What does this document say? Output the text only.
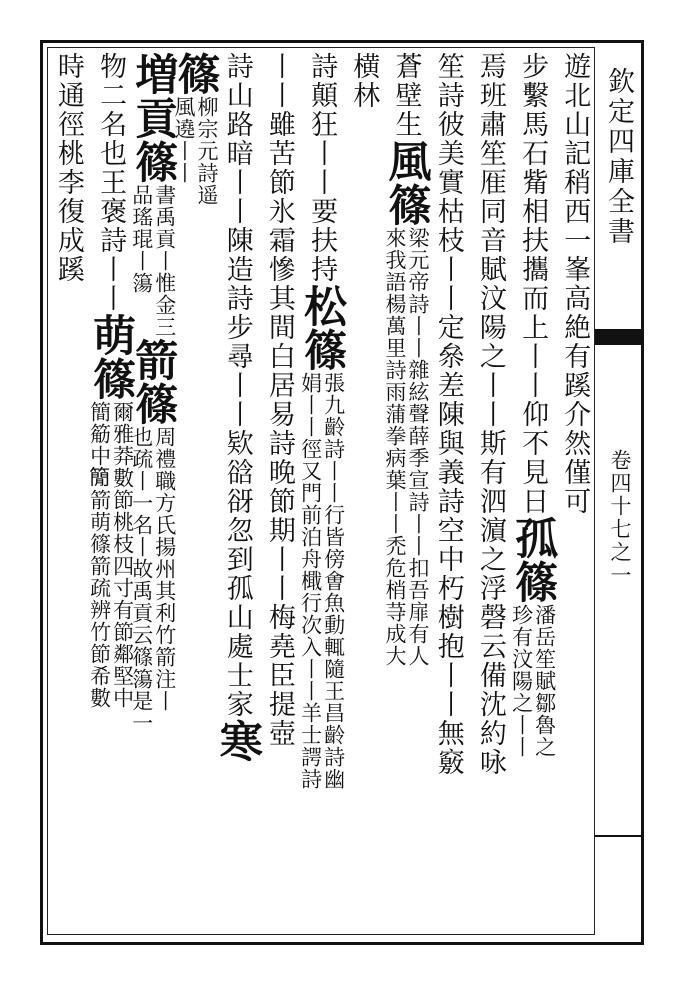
欽定四庫全書
卷四十七之一
遊北山記稍西一峯高絶有蹊介然僅可
步繫馬石觜相扶攜而上丨丨仰不見日
孤篠
潘岳笙賦鄒魯之
珍有汶陽之丨丨
焉班肅笙㕍同音賦汶陽之丨丨斯有泗濵之浮磬云備沈約咏
笙詩彼美實枯枝丨丨定㕘差陳與義詩空中朽樹抱丨丨無竅
蒼壁生
風篠
梁元帝詩丨丨雜絃聲薛季宣詩丨丨扣吾扉有人
來我語楊萬里詩雨蒲拳病葉丨丨禿危梢䒭成大
横林
詩顛狂丨丨要扶持
松篠
張九齡詩丨丨行皆傍㑹魚動輒隨王昌齡詩幽
娟丨丨徑又門前泊舟檝行次入丨丨羊士諤詩
丨丨雖苦節氷霜慘其間白居易詩晚節期丨丨梅堯臣
提壺
詩山路暗丨丨陳造詩步尋丨丨欵谽谺忽到孤山處士家
寒
篠
柳宗元詩遥
風遶丨丨
増貢篠
書禹貢丨惟金三
品瑤琨丨簜
箭篠
周禮職方氏揚州其利竹箭注丨
也疏丨一名丨故禹貢云篠簜是一
物二名也王褒詩丨丨
萌篠
爾雅莽數節桃枝四寸有節鄰堅中
簡䈥中𥳑箭萌篠箭疏辨竹節希數
時通徑桃李復成蹊
